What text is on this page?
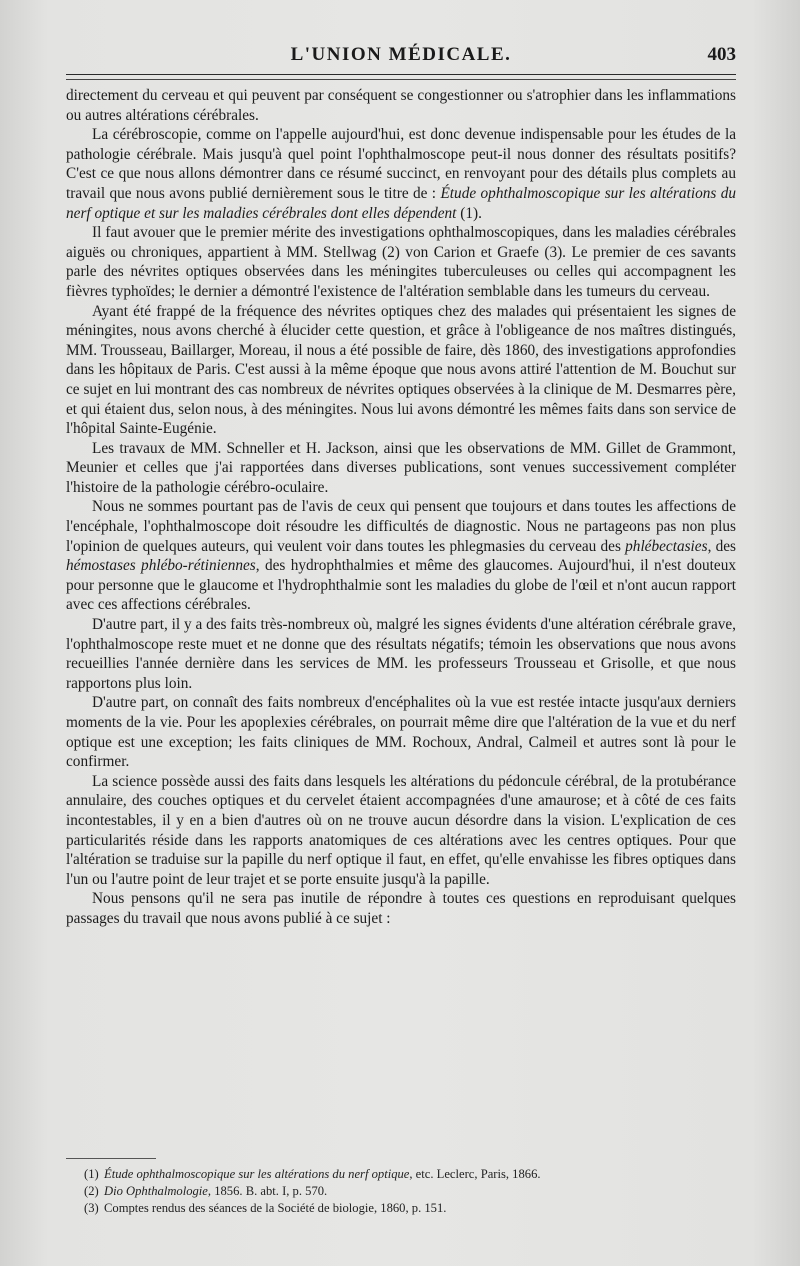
L'UNION MÉDICALE.	403

directement du cerveau et qui peuvent par conséquent se congestionner ou s'atrophier dans les inflammations ou autres altérations cérébrales.

La cérébroscopie, comme on l'appelle aujourd'hui, est donc devenue indispensable pour les études de la pathologie cérébrale. Mais jusqu'à quel point l'ophthalmoscope peut-il nous donner des résultats positifs? C'est ce que nous allons démontrer dans ce résumé succinct, en renvoyant pour des détails plus complets au travail que nous avons publié dernièrement sous le titre de : Étude ophthalmoscopique sur les altérations du nerf optique et sur les maladies cérébrales dont elles dépendent (1).

Il faut avouer que le premier mérite des investigations ophthalmoscopiques, dans les maladies cérébrales aiguës ou chroniques, appartient à MM. Stellwag (2) von Carion et Graefe (3). Le premier de ces savants parle des névrites optiques observées dans les méningites tuberculeuses ou celles qui accompagnent les fièvres typhoïdes; le dernier a démontré l'existence de l'altération semblable dans les tumeurs du cerveau.

Ayant été frappé de la fréquence des névrites optiques chez des malades qui présentaient les signes de méningites, nous avons cherché à élucider cette question, et grâce à l'obligeance de nos maîtres distingués, MM. Trousseau, Baillarger, Moreau, il nous a été possible de faire, dès 1860, des investigations approfondies dans les hôpitaux de Paris. C'est aussi à la même époque que nous avons attiré l'attention de M. Bouchut sur ce sujet en lui montrant des cas nombreux de névrites optiques observées à la clinique de M. Desmarres père, et qui étaient dus, selon nous, à des méningites. Nous lui avons démontré les mêmes faits dans son service de l'hôpital Sainte-Eugénie.

Les travaux de MM. Schneller et H. Jackson, ainsi que les observations de MM. Gillet de Grammont, Meunier et celles que j'ai rapportées dans diverses publications, sont venues successivement compléter l'histoire de la pathologie cérébro-oculaire.

Nous ne sommes pourtant pas de l'avis de ceux qui pensent que toujours et dans toutes les affections de l'encéphale, l'ophthalmoscope doit résoudre les difficultés de diagnostic. Nous ne partageons pas non plus l'opinion de quelques auteurs, qui veulent voir dans toutes les phlegmasies du cerveau des phlébectasies, des hémostases phlébo-rétiniennes, des hydrophthalmies et même des glaucomes. Aujourd'hui, il n'est douteux pour personne que le glaucome et l'hydrophthalmie sont les maladies du globe de l'œil et n'ont aucun rapport avec ces affections cérébrales.

D'autre part, il y a des faits très-nombreux où, malgré les signes évidents d'une altération cérébrale grave, l'ophthalmoscope reste muet et ne donne que des résultats négatifs; témoin les observations que nous avons recueillies l'année dernière dans les services de MM. les professeurs Trousseau et Grisolle, et que nous rapportons plus loin.

D'autre part, on connaît des faits nombreux d'encéphalites où la vue est restée intacte jusqu'aux derniers moments de la vie. Pour les apoplexies cérébrales, on pourrait même dire que l'altération de la vue et du nerf optique est une exception; les faits cliniques de MM. Rochoux, Andral, Calmeil et autres sont là pour le confirmer.

La science possède aussi des faits dans lesquels les altérations du pédoncule cérébral, de la protubérance annulaire, des couches optiques et du cervelet étaient accompagnées d'une amaurose; et à côté de ces faits incontestables, il y en a bien d'autres où on ne trouve aucun désordre dans la vision. L'explication de ces particularités réside dans les rapports anatomiques de ces altérations avec les centres optiques. Pour que l'altération se traduise sur la papille du nerf optique il faut, en effet, qu'elle envahisse les fibres optiques dans l'un ou l'autre point de leur trajet et se porte ensuite jusqu'à la papille.

Nous pensons qu'il ne sera pas inutile de répondre à toutes ces questions en reproduisant quelques passages du travail que nous avons publié à ce sujet :

(1) Étude ophthalmoscopique sur les altérations du nerf optique, etc. Leclerc, Paris, 1866.
(2) Dio Ophthalmologie, 1856. B. abt. I, p. 570.
(3) Comptes rendus des séances de la Société de biologie, 1860, p. 151.
